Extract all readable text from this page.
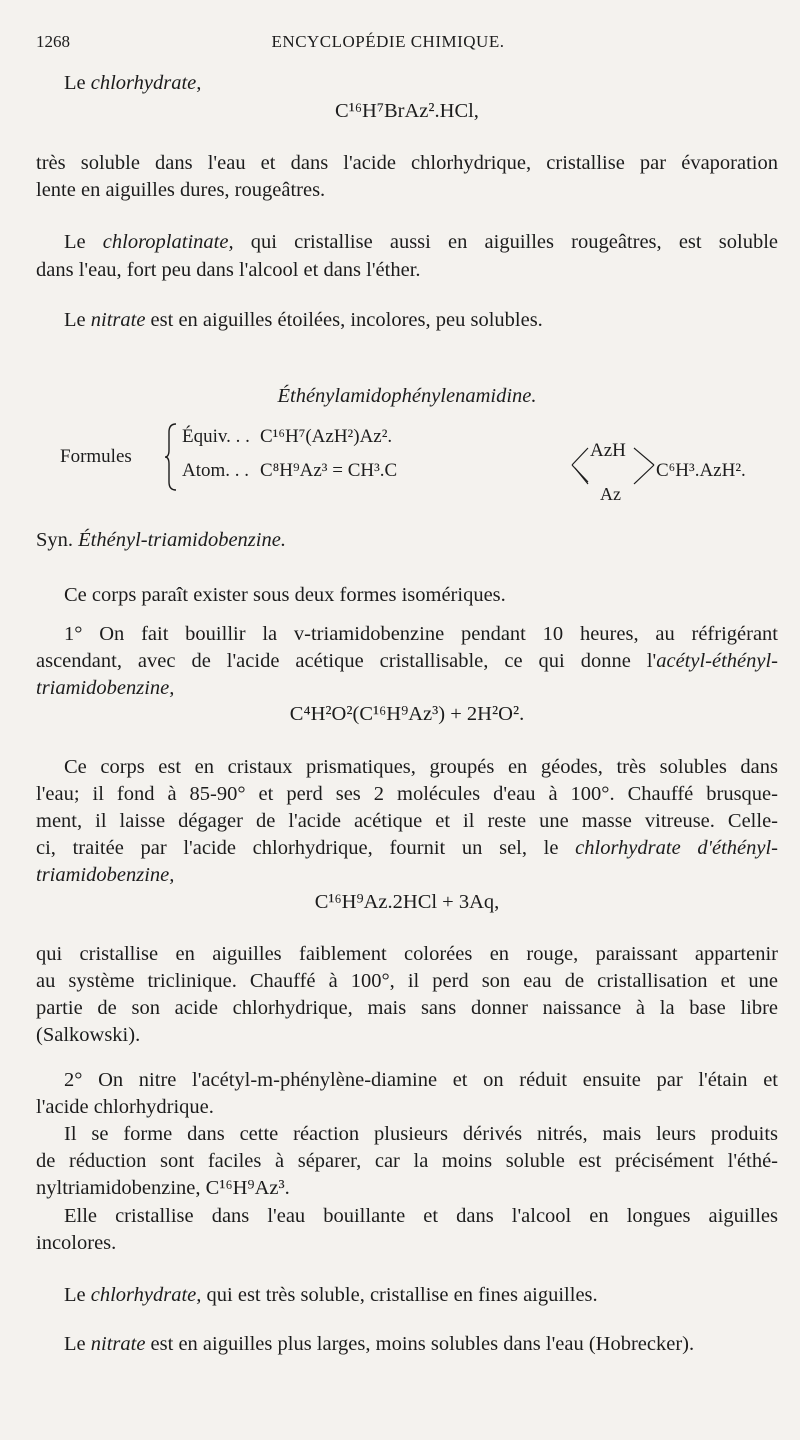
1268	ENCYCLOPÉDIE CHIMIQUE.
Le chlorhydrate,
C¹⁶H⁷BrAz².HCl,
très soluble dans l'eau et dans l'acide chlorhydrique, cristallise par évaporation
lente en aiguilles dures, rougeâtres.
Le chloroplatinate, qui cristallise aussi en aiguilles rougeâtres, est soluble
dans l'eau, fort peu dans l'alcool et dans l'éther.
Le nitrate est en aiguilles étoilées, incolores, peu solubles.
Éthénylamidophénylenamidine.
Syn. Éthényl-triamidobenzine.
Ce corps paraît exister sous deux formes isomériques.
1° On fait bouillir la v-triamidobenzine pendant 10 heures, au réfrigérant
ascendant, avec de l'acide acétique cristallisable, ce qui donne l'acétyl-éthényl-
triamidobenzine,
C⁴H²O²(C¹⁶H⁹Az³) + 2H²O².
Ce corps est en cristaux prismatiques, groupés en géodes, très solubles dans
l'eau; il fond à 85-90° et perd ses 2 molécules d'eau à 100°. Chauffé brusque-
ment, il laisse dégager de l'acide acétique et il reste une masse vitreuse. Celle-
ci, traitée par l'acide chlorhydrique, fournit un sel, le chlorhydrate d'éthényl-
triamidobenzine,
C¹⁶H⁹Az.2HCl + 3Aq,
qui cristallise en aiguilles faiblement colorées en rouge, paraissant appartenir
au système triclinique. Chauffé à 100°, il perd son eau de cristallisation et une
partie de son acide chlorhydrique, mais sans donner naissance à la base libre
(Salkowski).
2° On nitre l'acétyl-m-phénylène-diamine et on réduit ensuite par l'étain et
l'acide chlorhydrique.
Il se forme dans cette réaction plusieurs dérivés nitrés, mais leurs produits
de réduction sont faciles à séparer, car la moins soluble est précisément l'éthé-
nyltriamidobenzine, C¹⁶H⁹Az³.
Elle cristallise dans l'eau bouillante et dans l'alcool en longues aiguilles
incolores.
Le chlorhydrate, qui est très soluble, cristallise en fines aiguilles.
Le nitrate est en aiguilles plus larges, moins solubles dans l'eau (Hobrecker).
Formules
Équiv. . . C¹⁶H⁷(AzH²)Az².
Atom. . . C⁸H⁹Az³ = CH³.C
AzH
Az
C⁶H³.AzH².
